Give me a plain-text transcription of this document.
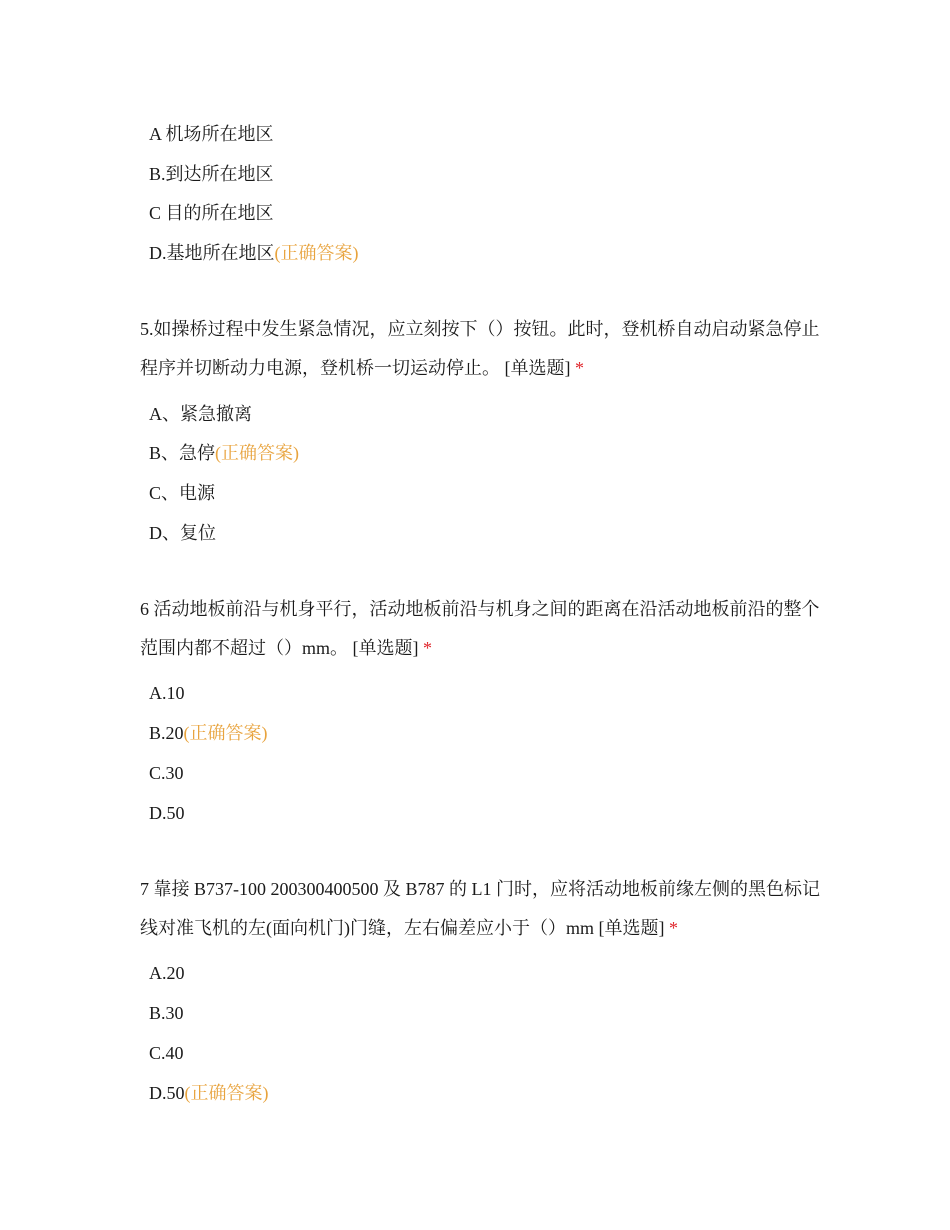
A 机场所在地区
B.到达所在地区
C 目的所在地区
D.基地所在地区(正确答案)
5.如操桥过程中发生紧急情况，应立刻按下（）按钮。此时，登机桥自动启动紧急停止程序并切断动力电源，登机桥一切运动停止。 [单选题] *
A、紧急撤离
B、急停(正确答案)
C、电源
D、复位
6 活动地板前沿与机身平行，活动地板前沿与机身之间的距离在沿活动地板前沿的整个范围内都不超过（）mm。 [单选题] *
A.10
B.20(正确答案)
C.30
D.50
7 靠接 B737-100 200300400500 及 B787 的 L1 门时，应将活动地板前缘左侧的黑色标记线对准飞机的左(面向机门)门缝，左右偏差应小于（）mm [单选题] *
A.20
B.30
C.40
D.50(正确答案)
